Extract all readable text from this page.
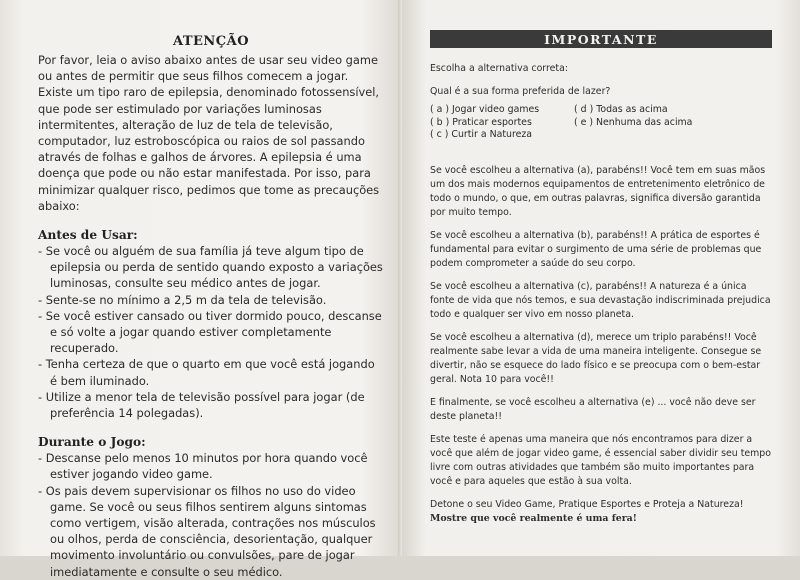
ATENÇÃO

Por favor, leia o aviso abaixo antes de usar seu video game ou antes de permitir que seus filhos comecem a jogar. Existe um tipo raro de epilepsia, denominado fotossensível, que pode ser estimulado por variações luminosas intermitentes, alteração de luz de tela de televisão, computador, luz estroboscópica ou raios de sol passando através de folhas e galhos de árvores. A epilepsia é uma doença que pode ou não estar manifestada. Por isso, para minimizar qualquer risco, pedimos que tome as precauções abaixo:

Antes de Usar:
- Se você ou alguém de sua família já teve algum tipo de epilepsia ou perda de sentido quando exposto a variações luminosas, consulte seu médico antes de jogar.
- Sente-se no mínimo a 2,5 m da tela de televisão.
- Se você estiver cansado ou tiver dormido pouco, descanse e só volte a jogar quando estiver completamente recuperado.
- Tenha certeza de que o quarto em que você está jogando é bem iluminado.
- Utilize a menor tela de televisão possível para jogar (de preferência 14 polegadas).
Durante o Jogo:
- Descanse pelo menos 10 minutos por hora quando você estiver jogando video game.
- Os pais devem supervisionar os filhos no uso do video game. Se você ou seus filhos sentirem alguns sintomas como vertigem, visão alterada, contrações nos músculos ou olhos, perda de consciência, desorientação, qualquer movimento involuntário ou convulsões, pare de jogar imediatamente e consulte o seu médico.
IMPORTANTE

Escolha a alternativa correta:

Qual é a sua forma preferida de lazer?

( a ) Jogar video games	( d ) Todas as acima
( b ) Praticar esportes	( e ) Nenhuma das acima
( c ) Curtir a Natureza

Se você escolheu a alternativa (a), parabéns!! Você tem em suas mãos um dos mais modernos equipamentos de entretenimento eletrônico de todo o mundo, o que, em outras palavras, significa diversão garantida por muito tempo.

Se você escolheu a alternativa (b), parabéns!! A prática de esportes é fundamental para evitar o surgimento de uma série de problemas que podem comprometer a saúde do seu corpo.

Se você escolheu a alternativa (c), parabéns!! A natureza é a única fonte de vida que nós temos, e sua devastação indiscriminada prejudica todo e qualquer ser vivo em nosso planeta.

Se você escolheu a alternativa (d), merece um triplo parabéns!! Você realmente sabe levar a vida de uma maneira inteligente. Consegue se divertir, não se esquece do lado físico e se preocupa com o bem-estar geral. Nota 10 para você!!

E finalmente, se você escolheu a alternativa (e) ... você não deve ser deste planeta!!

Este teste é apenas uma maneira que nós encontramos para dizer a você que além de jogar video game, é essencial saber dividir seu tempo livre com outras atividades que também são muito importantes para você e para aqueles que estão à sua volta.

Detone o seu Video Game, Pratique Esportes e Proteja a Natureza!

Mostre que você realmente é uma fera!
